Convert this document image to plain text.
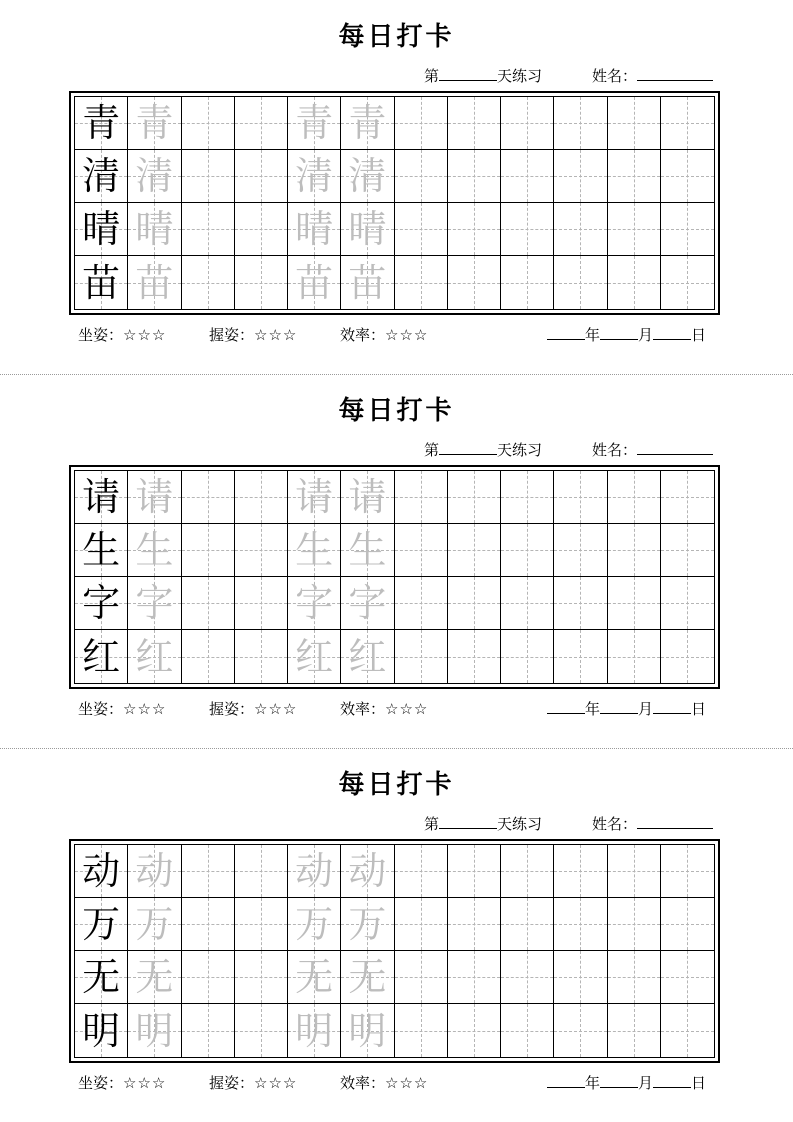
每日打卡
第	天练习	姓名：
青 青	青 青
清 清	清 清
晴 晴	晴 晴
苗 苗	苗 苗
坐姿：☆☆☆	握姿：☆☆☆	效率：☆☆☆	年	月	日
每日打卡
第	天练习	姓名：
请 请	请 请
生 生	生 生
字 字	字 字
红 红	红 红
坐姿：☆☆☆	握姿：☆☆☆	效率：☆☆☆	年	月	日
每日打卡
第	天练习	姓名：
动 动	动 动
万 万	万 万
无 无	无 无
明 明	明 明
坐姿：☆☆☆	握姿：☆☆☆	效率：☆☆☆	年	月	日
